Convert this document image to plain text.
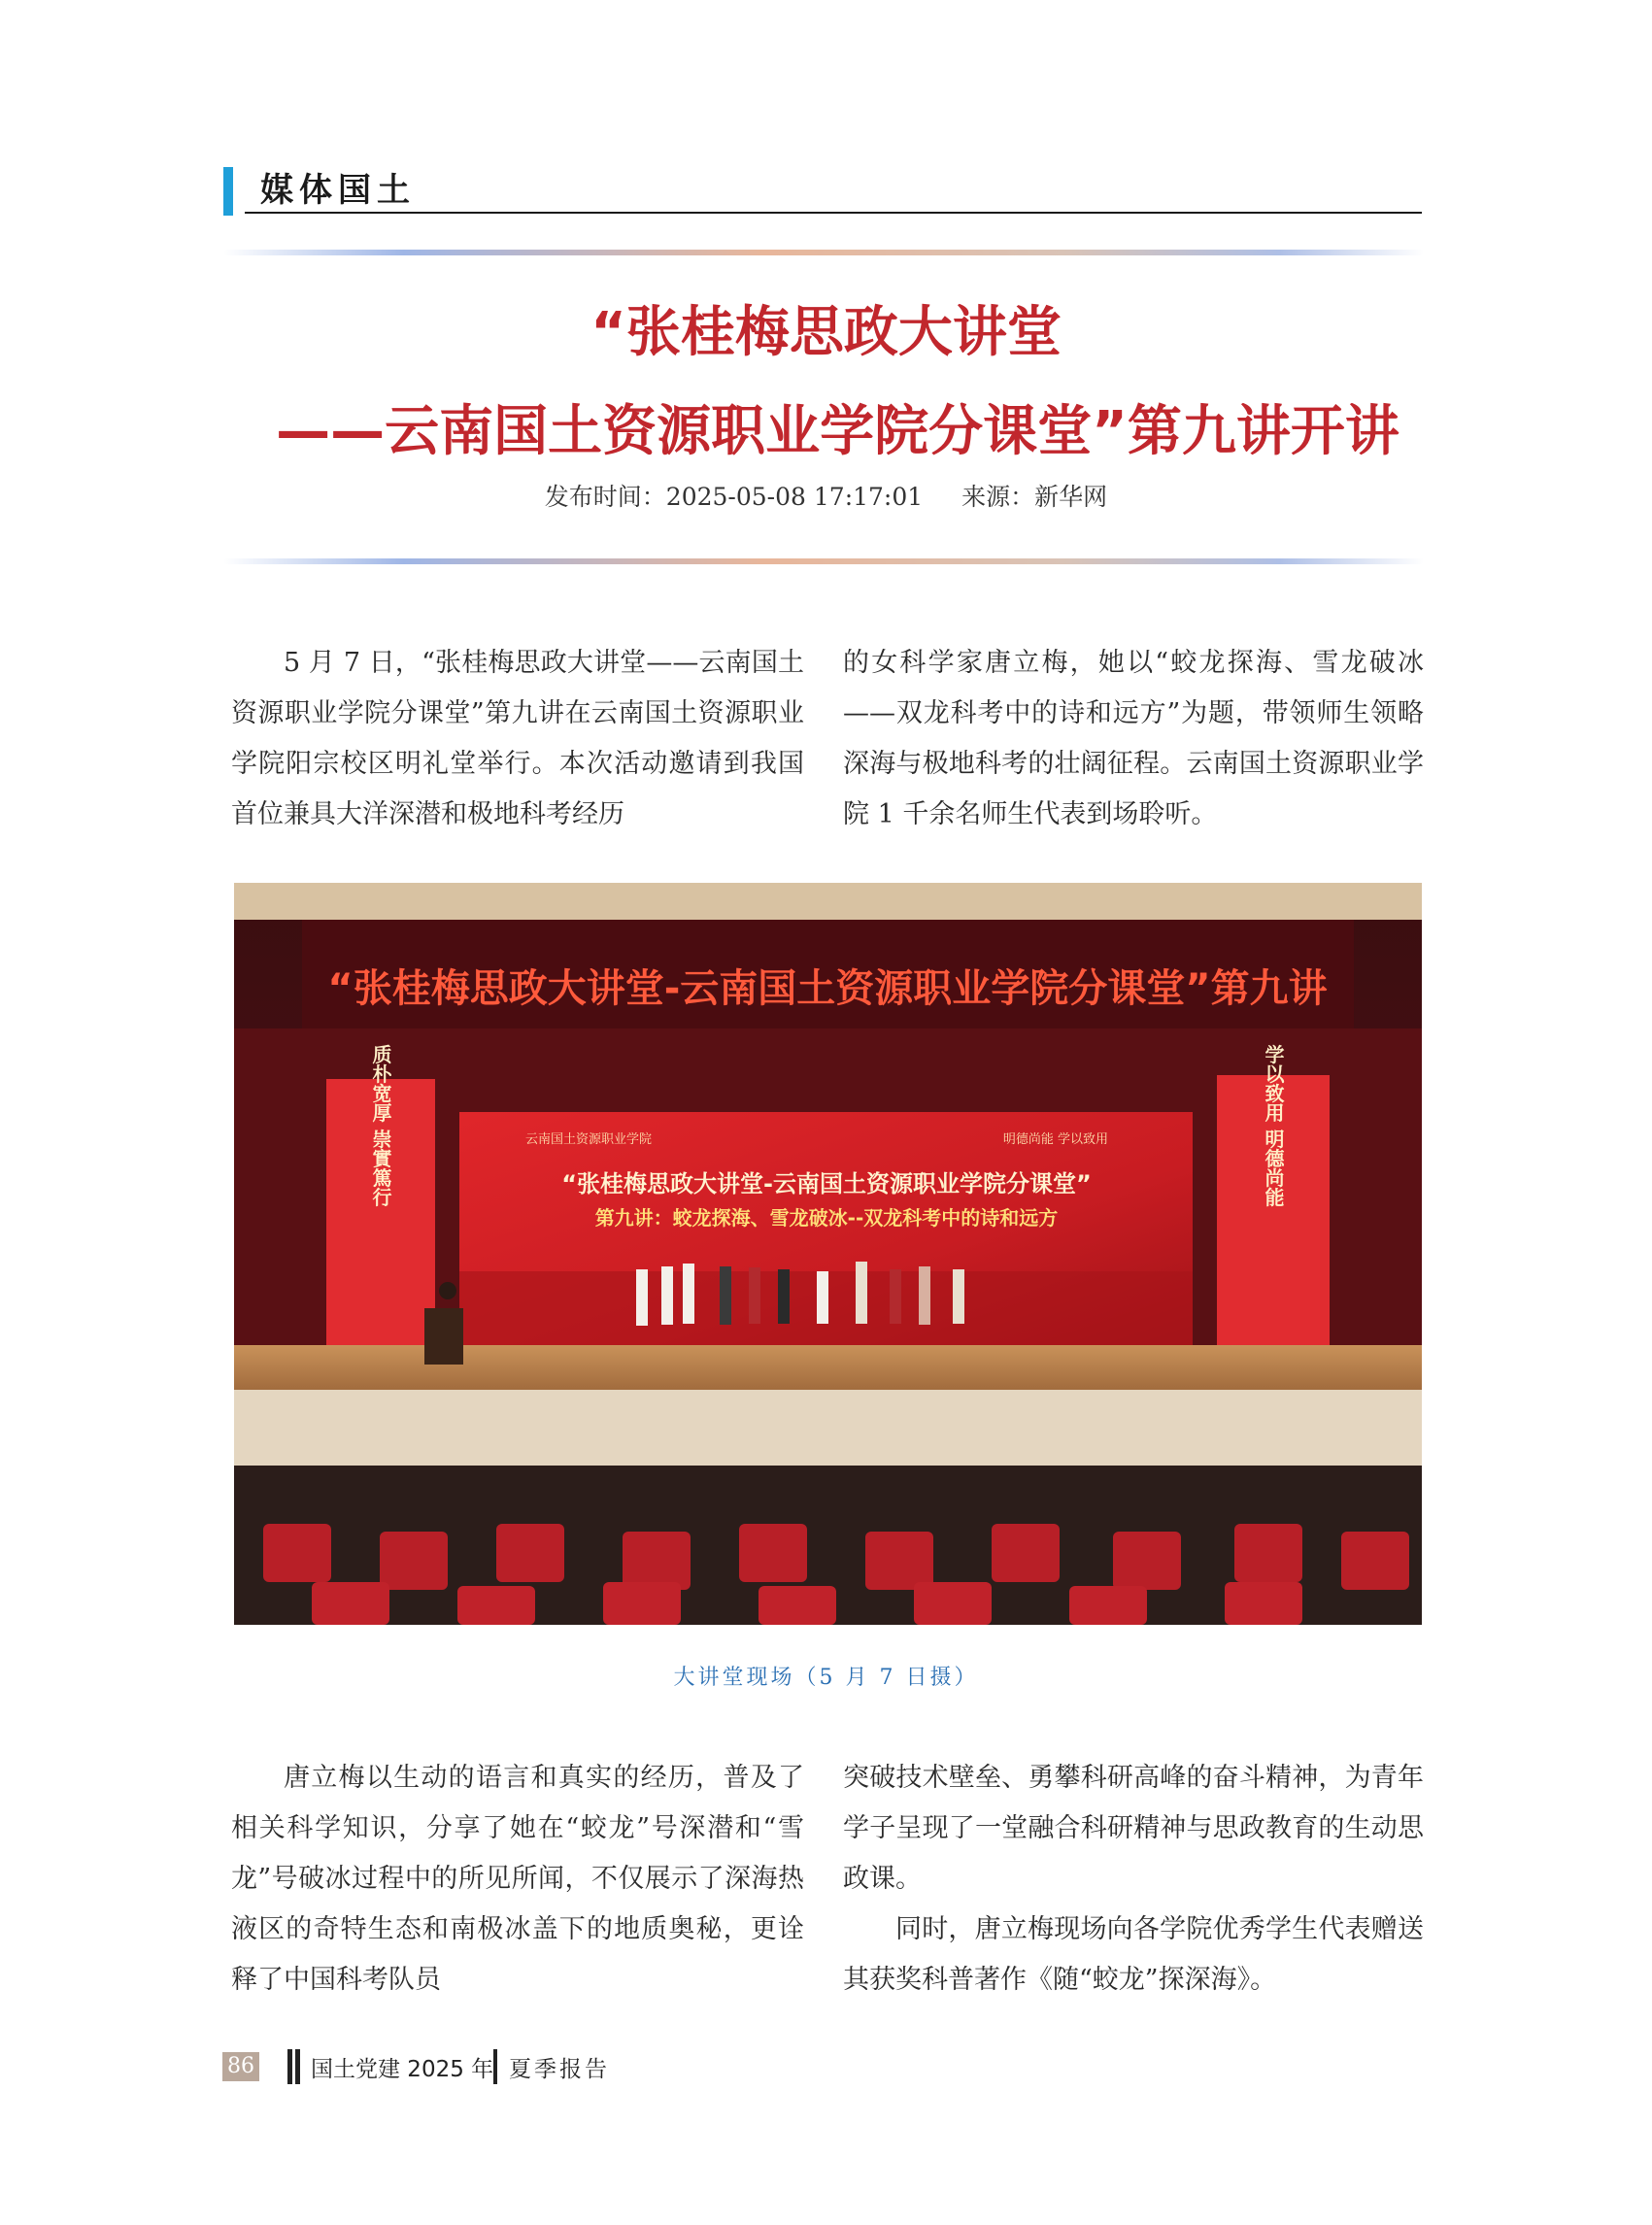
媒体国土
“张桂梅思政大讲堂
——云南国土资源职业学院分课堂”第九讲开讲
发布时间：2025-05-08 17:17:01 来源：新华网

5 月 7 日，“张桂梅思政大讲堂——云南国土资源职业学院分课堂”第九讲在云南国土资源职业学院阳宗校区明礼堂举行。本次活动邀请到我国首位兼具大洋深潜和极地科考经历

的女科学家唐立梅，她以“蛟龙探海、雪龙破冰——双龙科考中的诗和远方”为题，带领师生领略深海与极地科考的壮阔征程。云南国土资源职业学院 1 千余名师生代表到场聆听。

“张桂梅思政大讲堂-云南国土资源职业学院分课堂”第九讲
云南国土资源职业学院	明德尚能 学以致用
“张桂梅思政大讲堂-云南国土资源职业学院分课堂”
第九讲：蛟龙探海、雪龙破冰--双龙科考中的诗和远方
质朴宽厚 崇實篤行	学以致用 明德尚能
大讲堂现场（5 月 7 日摄）

唐立梅以生动的语言和真实的经历，普及了相关科学知识，分享了她在“蛟龙”号深潜和“雪龙”号破冰过程中的所见所闻，不仅展示了深海热液区的奇特生态和南极冰盖下的地质奥秘，更诠释了中国科考队员

突破技术壁垒、勇攀科研高峰的奋斗精神，为青年学子呈现了一堂融合科研精神与思政教育的生动思政课。

同时，唐立梅现场向各学院优秀学生代表赠送其获奖科普著作《随“蛟龙”探深海》。

86	国土党建 2025 年 夏季报告
